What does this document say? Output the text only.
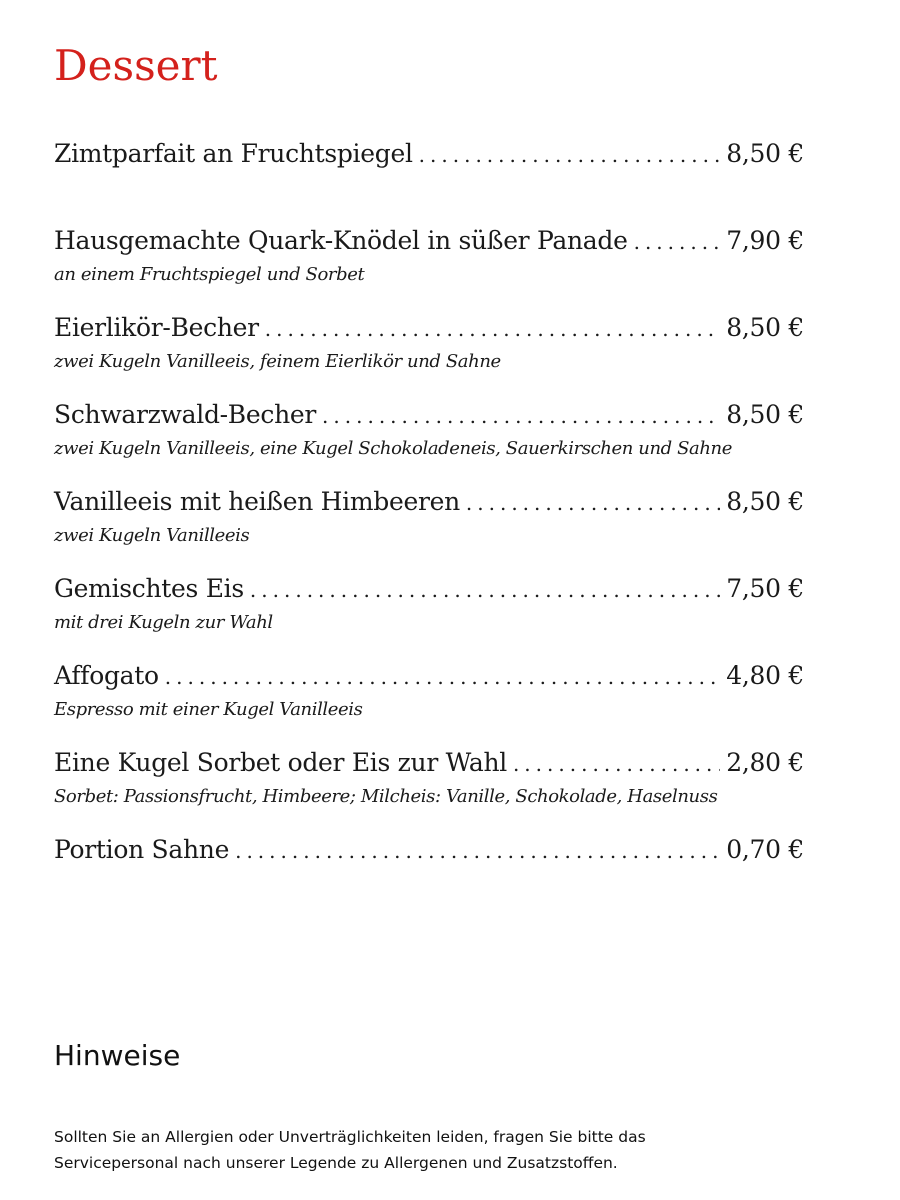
Dessert
Zimtparfait an Fruchtspiegel .....	8,50 €

Hausgemachte Quark-Knödel in süßer Panade .....	7,90 €

an einem Fruchtspiegel und Sorbet

Eierlikör-Becher .....	8,50 €

zwei Kugeln Vanilleeis, feinem Eierlikör und Sahne

Schwarzwald-Becher .....	8,50 €

zwei Kugeln Vanilleeis, eine Kugel Schokoladeneis, Sauerkirschen und Sahne

Vanilleeis mit heißen Himbeeren .....	8,50 €

zwei Kugeln Vanilleeis

Gemischtes Eis .....	7,50 €

mit drei Kugeln zur Wahl

Affogato .....	4,80 €

Espresso mit einer Kugel Vanilleeis

Eine Kugel Sorbet oder Eis zur Wahl .....	2,80 €

Sorbet: Passionsfrucht, Himbeere; Milcheis: Vanille, Schokolade, Haselnuss

Portion Sahne .....	0,70 €

Hinweise

Sollten Sie an Allergien oder Unverträglichkeiten leiden, fragen Sie bitte das Servicepersonal nach unserer Legende zu Allergenen und Zusatzstoffen.
